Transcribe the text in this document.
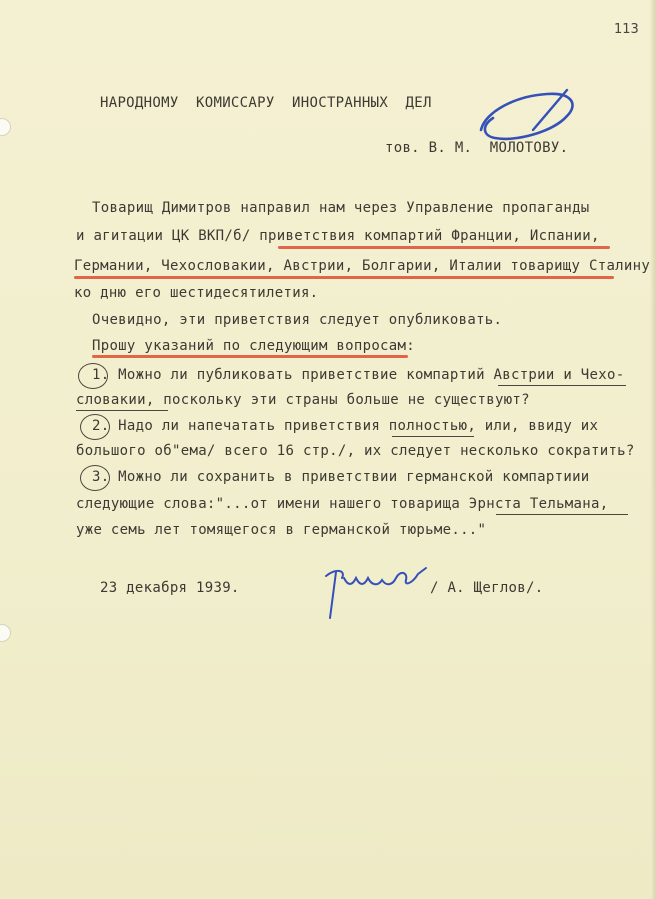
113
НАРОДНОМУ  КОМИССАРУ  ИНОСТРАННЫХ  ДЕЛ
тов. В. М.  МОЛОТОВУ.
Товарищ Димитров направил нам через Управление пропаганды
и агитации ЦК ВКП/б/ приветствия компартий Франции, Испании,
Германии, Чехословакии, Австрии, Болгарии, Италии товарищу Сталину
ко дню его шестидесятилетия.
Очевидно, эти приветствия следует опубликовать.
Прошу указаний по следующим вопросам:
1. Можно ли публиковать приветствие компартий Австрии и Чехо-
словакии, поскольку эти страны больше не существуют?
2. Надо ли напечатать приветствия полностью, или, ввиду их
большого об"ема/ всего 16 стр./, их следует несколько сократить?
3. Можно ли сохранить в приветствии германской компартиии
следующие слова:"...от имени нашего товарища Эрнста Тельмана,
уже семь лет томящегося в германской тюрьме..."
23 декабря 1939.	/ А. Щеглов/.
